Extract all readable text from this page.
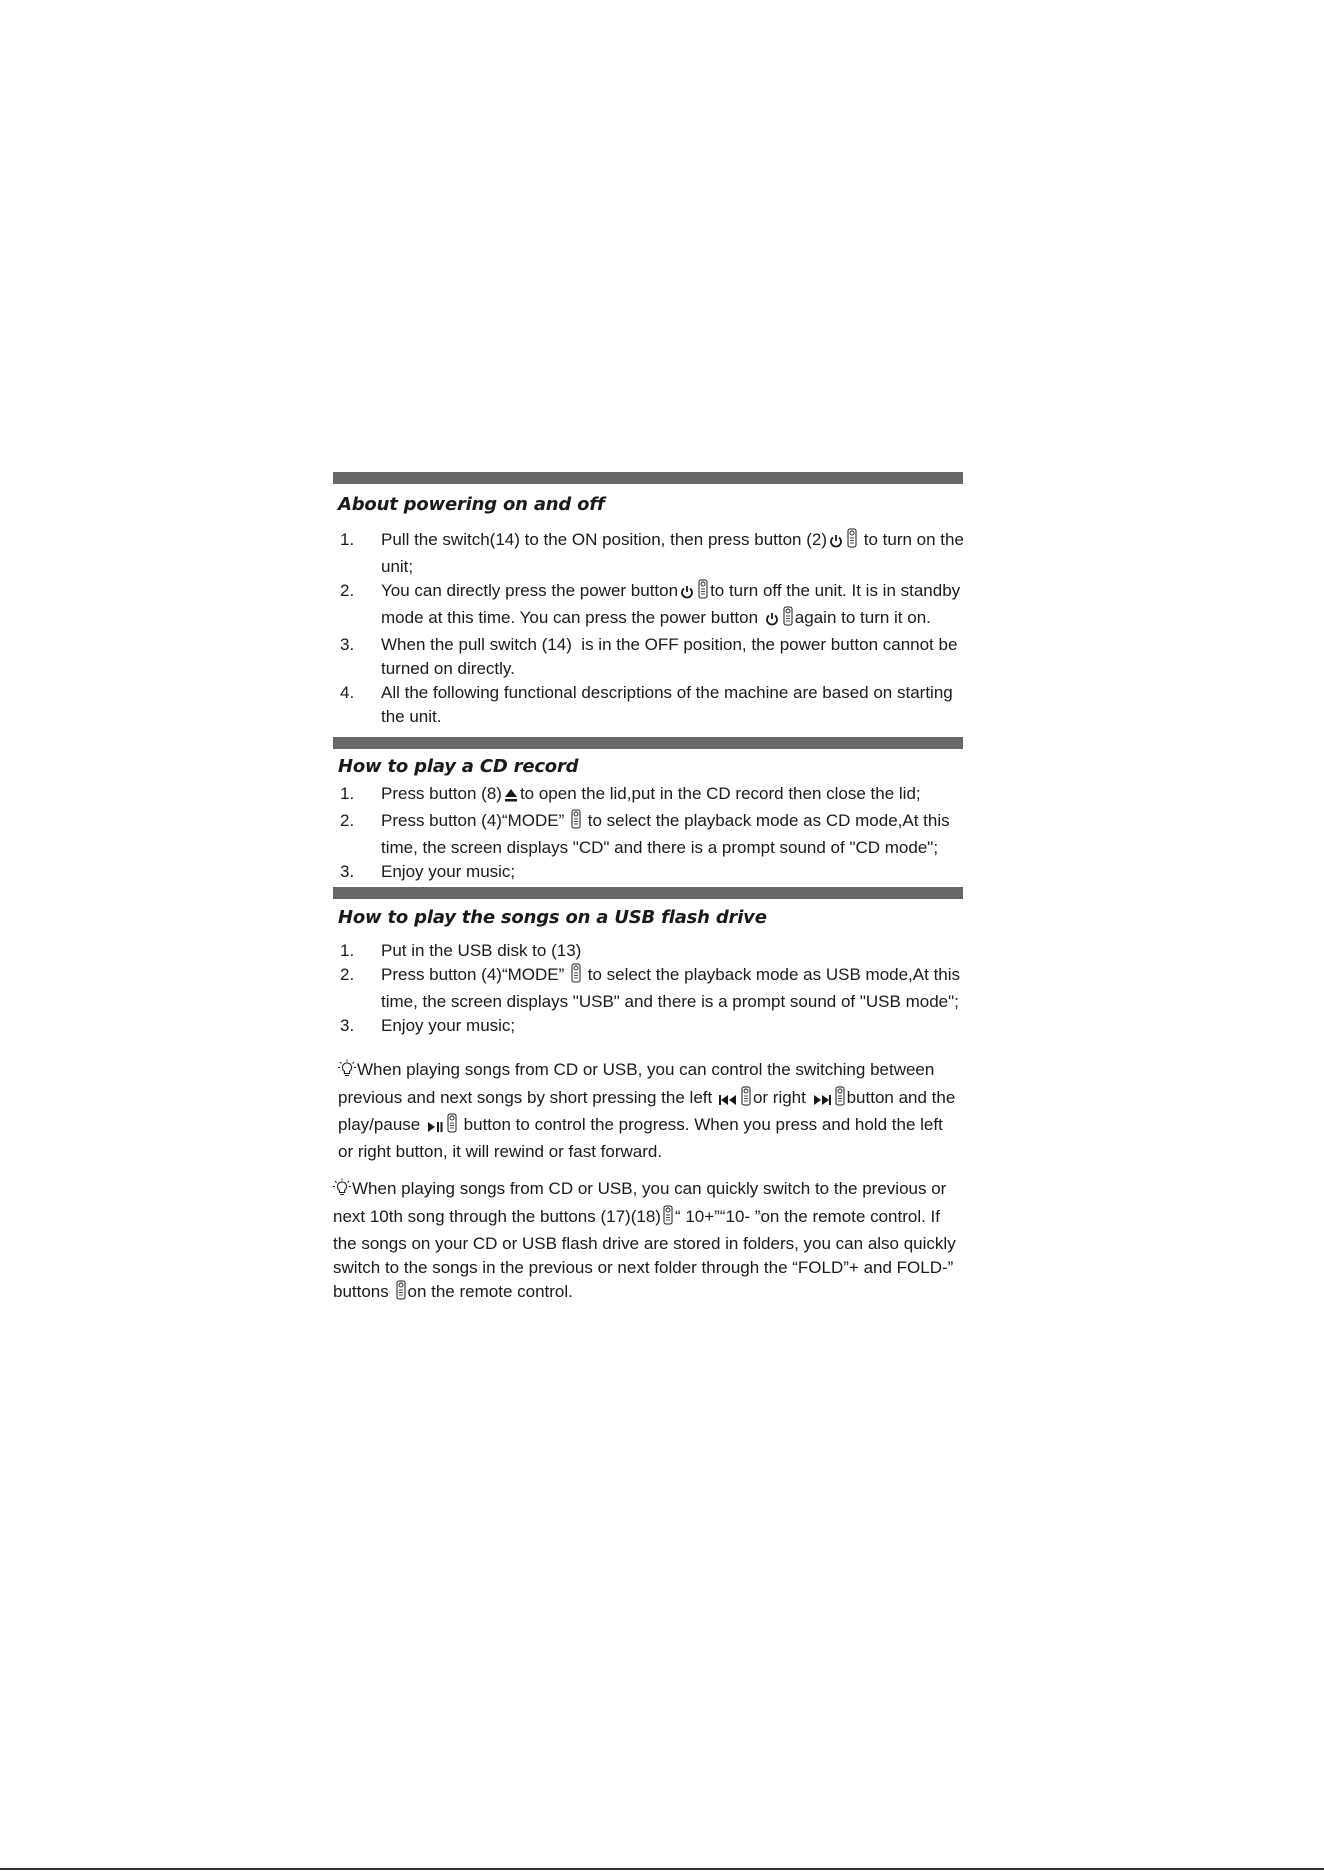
About powering on and off
1. Pull the switch(14) to the ON position, then press button (2) to turn on the unit;
2. You can directly press the power button to turn off the unit. It is in standby mode at this time. You can press the power button again to turn it on.
3. When the pull switch (14)  is in the OFF position, the power button cannot be turned on directly.
4. All the following functional descriptions of the machine are based on starting the unit.
How to play a CD record
1. Press button (8) to open the lid,put in the CD record then close the lid;
2. Press button (4)“MODE”  to select the playback mode as CD mode,At this time, the screen displays "CD" and there is a prompt sound of "CD mode";
3. Enjoy your music;
How to play the songs on a USB flash drive
1. Put in the USB disk to (13)
2. Press button (4)“MODE”  to select the playback mode as USB mode,At this time, the screen displays "USB" and there is a prompt sound of "USB mode";
3. Enjoy your music;

When playing songs from CD or USB, you can control the switching between previous and next songs by short pressing the left or right button and the play/pause  button to control the progress. When you press and hold the left or right button, it will rewind or fast forward.

When playing songs from CD or USB, you can quickly switch to the previous or next 10th song through the buttons (17)(18) “ 10+”“10- ”on the remote control. If the songs on your CD or USB flash drive are stored in folders, you can also quickly switch to the songs in the previous or next folder through the “FOLD”+ and FOLD-” buttons on the remote control.
